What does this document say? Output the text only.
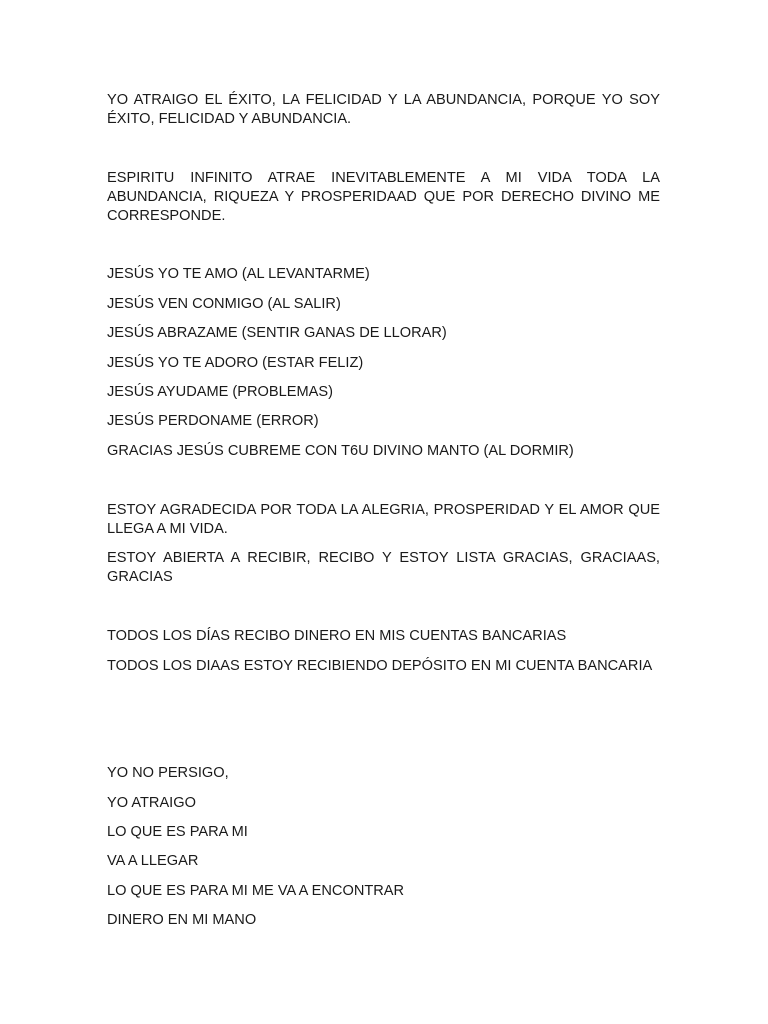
YO ATRAIGO EL ÉXITO, LA FELICIDAD Y LA ABUNDANCIA, PORQUE YO SOY ÉXITO, FELICIDAD Y ABUNDANCIA.

ESPIRITU INFINITO ATRAE INEVITABLEMENTE A MI VIDA TODA LA ABUNDANCIA, RIQUEZA Y PROSPERIDAAD QUE POR DERECHO DIVINO ME CORRESPONDE.

JESÚS YO TE AMO (AL LEVANTARME)

JESÚS VEN CONMIGO (AL SALIR)

JESÚS ABRAZAME (SENTIR GANAS DE LLORAR)

JESÚS YO TE ADORO (ESTAR FELIZ)

JESÚS AYUDAME (PROBLEMAS)

JESÚS PERDONAME (ERROR)

GRACIAS JESÚS CUBREME CON T6U DIVINO MANTO (AL DORMIR)

ESTOY AGRADECIDA POR TODA LA ALEGRIA, PROSPERIDAD Y EL AMOR QUE LLEGA A MI VIDA.

ESTOY ABIERTA A RECIBIR, RECIBO Y ESTOY LISTA GRACIAS, GRACIAAS, GRACIAS

TODOS LOS DÍAS RECIBO DINERO EN MIS CUENTAS BANCARIAS

TODOS LOS DIAAS ESTOY RECIBIENDO DEPÓSITO EN MI CUENTA BANCARIA

YO NO PERSIGO,

YO ATRAIGO

LO QUE ES PARA MI

VA A LLEGAR

LO QUE ES PARA MI ME VA A ENCONTRAR

DINERO EN MI MANO
